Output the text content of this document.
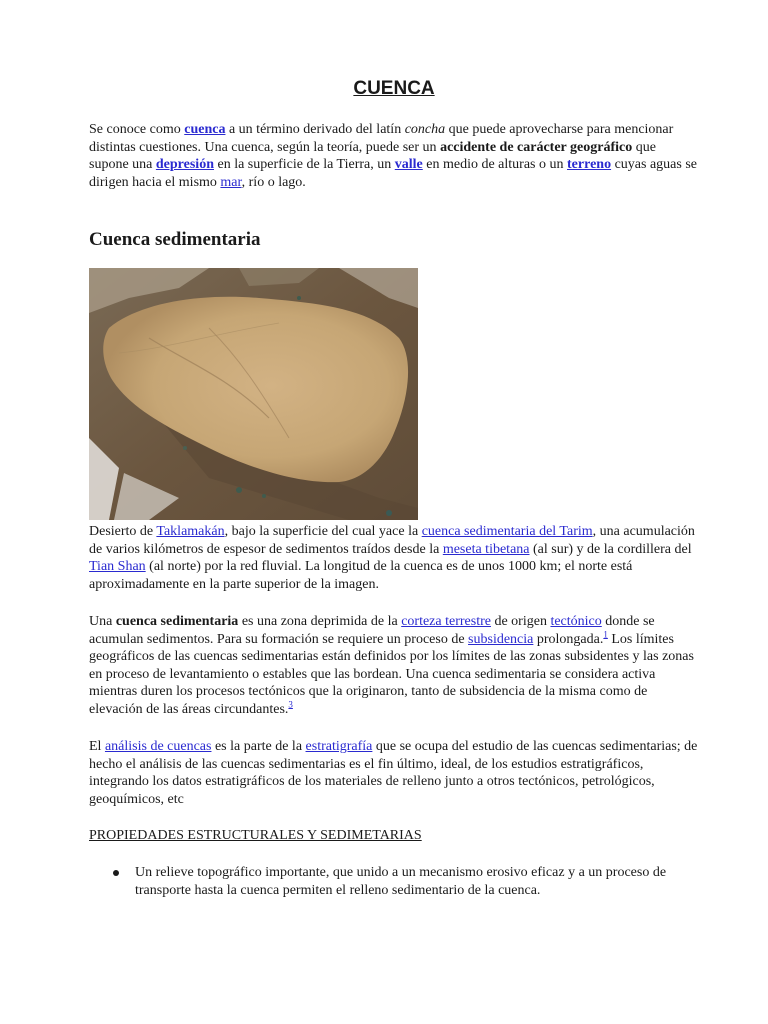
CUENCA

Se conoce como cuenca a un término derivado del latín concha que puede aprovecharse para mencionar distintas cuestiones. Una cuenca, según la teoría, puede ser un accidente de carácter geográfico que supone una depresión en la superficie de la Tierra, un valle en medio de alturas o un terreno cuyas aguas se dirigen hacia el mismo mar, río o lago.

Cuenca sedimentaria

Desierto de Taklamakán, bajo la superficie del cual yace la cuenca sedimentaria del Tarim, una acumulación de varios kilómetros de espesor de sedimentos traídos desde la meseta tibetana (al sur) y de la cordillera del Tian Shan (al norte) por la red fluvial. La longitud de la cuenca es de unos 1000 km; el norte está aproximadamente en la parte superior de la imagen.

Una cuenca sedimentaria es una zona deprimida de la corteza terrestre de origen tectónico donde se acumulan sedimentos. Para su formación se requiere un proceso de subsidencia prolongada.$^1$ Los límites geográficos de las cuencas sedimentarias están definidos por los límites de las zonas subsidentes y las zonas en proceso de levantamiento o estables que las bordean. Una cuenca sedimentaria se considera activa mientras duren los procesos tectónicos que la originaron, tanto de subsidencia de la misma como de elevación de las áreas circundantes.$^3$

El análisis de cuencas es la parte de la estratigrafía que se ocupa del estudio de las cuencas sedimentarias; de hecho el análisis de las cuencas sedimentarias es el fin último, ideal, de los estudios estratigráficos, integrando los datos estratigráficos de los materiales de relleno junto a otros tectónicos, petrológicos, geoquímicos, etc

PROPIEDADES ESTRUCTURALES Y SEDIMETARIAS

Un relieve topográfico importante, que unido a un mecanismo erosivo eficaz y a un proceso de transporte hasta la cuenca permiten el relleno sedimentario de la cuenca.
